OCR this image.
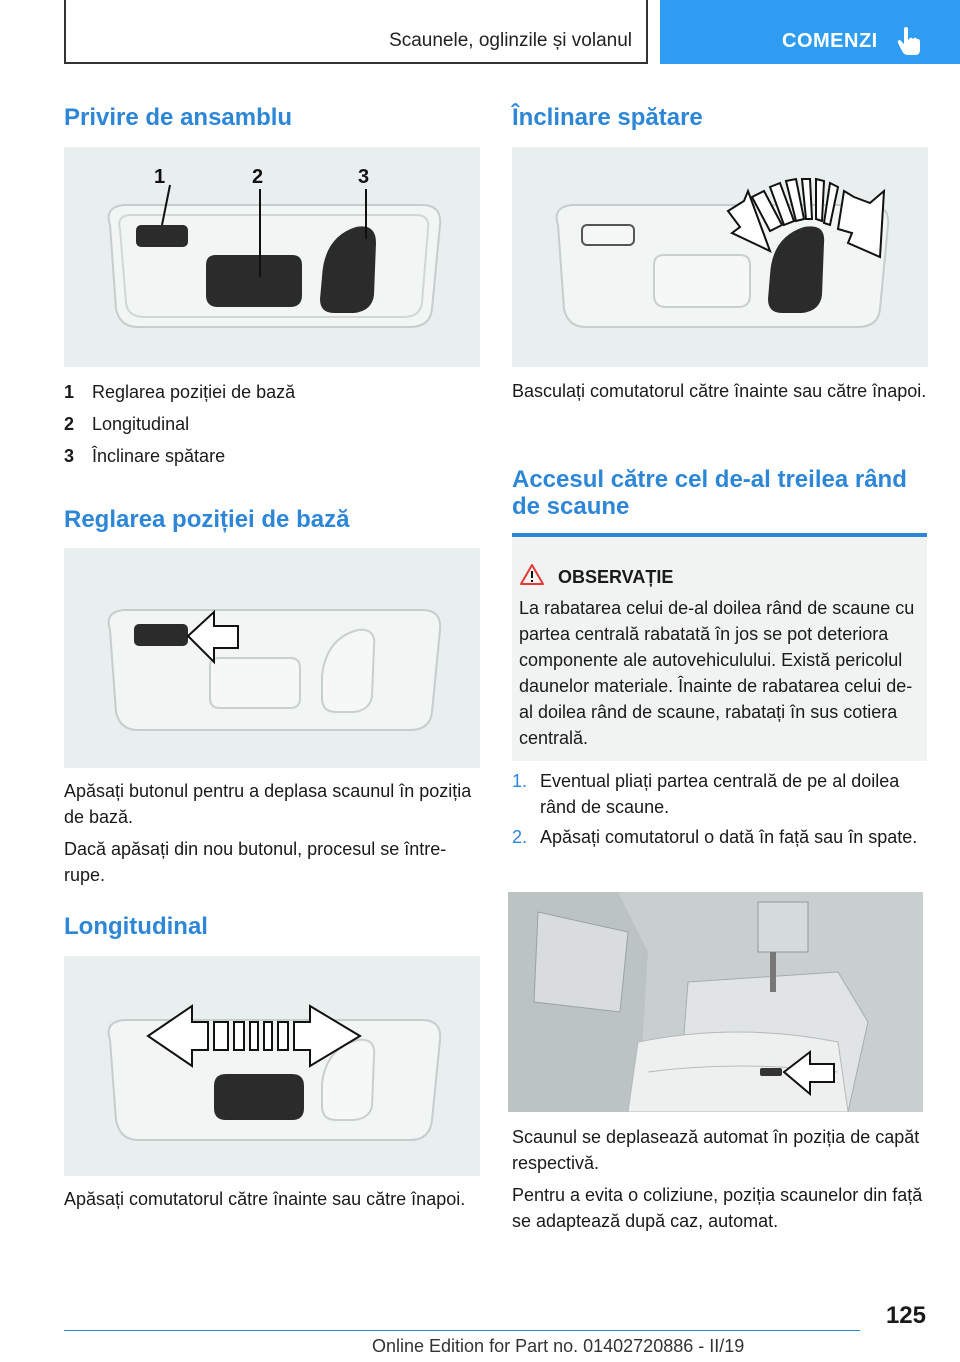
Scaunele, oglinzile și volanul	COMENZI
Privire de ansamblu
1	2	3
1 Reglarea poziției de bază
2 Longitudinal
3 Înclinare spătare
Reglarea poziției de bază

Apăsați butonul pentru a deplasa scaunul în poziția de bază.

Dacă apăsați din nou butonul, procesul se întrerupe.

Longitudinal

Apăsați comutatorul către înainte sau către înapoi.

Înclinare spătare

Basculați comutatorul către înainte sau către înapoi.

Accesul către cel de-al treilea rând de scaune
OBSERVAȚIE
La rabatarea celui de-al doilea rând de scaune cu partea centrală rabatată în jos se pot deteriora componente ale autovehiculului. Există pericolul daunelor materiale. Înainte de rabatarea celui de-al doilea rând de scaune, rabatați în sus cotiera centrală.
1. Eventual pliați partea centrală de pe al doilea rând de scaune.
2. Apăsați comutatorul o dată în față sau în spate.

Scaunul se deplasează automat în poziția de capăt respectivă.

Pentru a evita o coliziune, poziția scaunelor din față se adaptează după caz, automat.

125
Online Edition for Part no. 01402720886 - II/19
